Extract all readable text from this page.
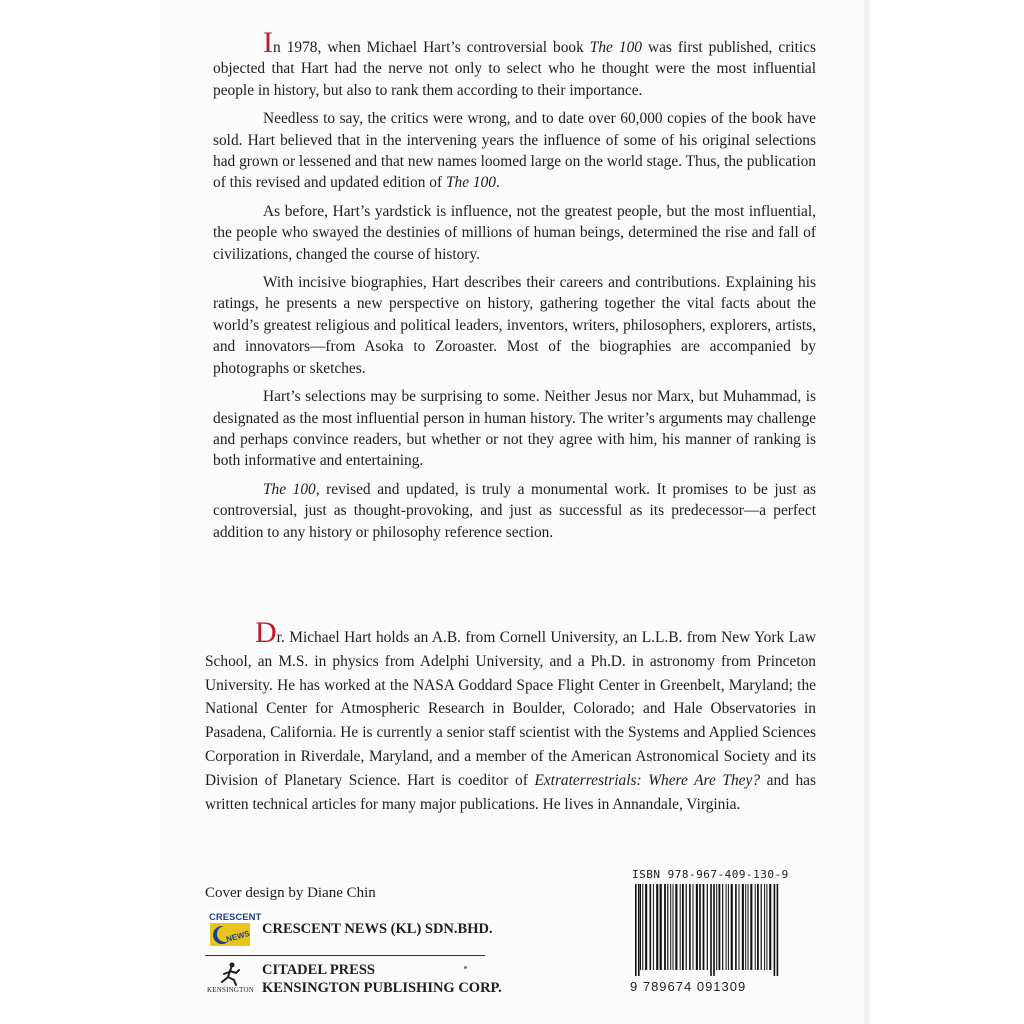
In 1978, when Michael Hart’s controversial book The 100 was first published, critics objected that Hart had the nerve not only to select who he thought were the most influential people in history, but also to rank them according to their importance.

Needless to say, the critics were wrong, and to date over 60,000 copies of the book have sold. Hart believed that in the intervening years the influence of some of his original selections had grown or lessened and that new names loomed large on the world stage. Thus, the publication of this revised and updated edition of The 100.

As before, Hart’s yardstick is influence, not the greatest people, but the most influential, the people who swayed the destinies of millions of human beings, determined the rise and fall of civilizations, changed the course of history.

With incisive biographies, Hart describes their careers and contributions. Explaining his ratings, he presents a new perspective on history, gathering together the vital facts about the world’s greatest religious and political leaders, inventors, writers, philosophers, explorers, artists, and innovators—from Asoka to Zoroaster. Most of the biographies are accompanied by photographs or sketches.

Hart’s selections may be surprising to some. Neither Jesus nor Marx, but Muhammad, is designated as the most influential person in human history. The writer’s arguments may challenge and perhaps convince readers, but whether or not they agree with him, his manner of ranking is both informative and entertaining.

The 100, revised and updated, is truly a monumental work. It promises to be just as controversial, just as thought-provoking, and just as successful as its predecessor—a perfect addition to any history or philosophy reference section.

Dr. Michael Hart holds an A.B. from Cornell University, an L.L.B. from New York Law School, an M.S. in physics from Adelphi University, and a Ph.D. in astronomy from Princeton University. He has worked at the NASA Goddard Space Flight Center in Greenbelt, Maryland; the National Center for Atmospheric Research in Boulder, Colorado; and Hale Observatories in Pasadena, California. He is currently a senior staff scientist with the Systems and Applied Sciences Corporation in Riverdale, Maryland, and a member of the American Astronomical Society and its Division of Planetary Science. Hart is coeditor of Extraterrestrials: Where Are They? and has written technical articles for many major publications. He lives in Annandale, Virginia.

Cover design by Diane Chin
CRESCENT
NEWS CRESCENT NEWS (KL) SDN.BHD.
KENSINGTON
CITADEL PRESS
KENSINGTON PUBLISHING CORP.
ISBN 978-967-409-130-9
9 789674 091309
